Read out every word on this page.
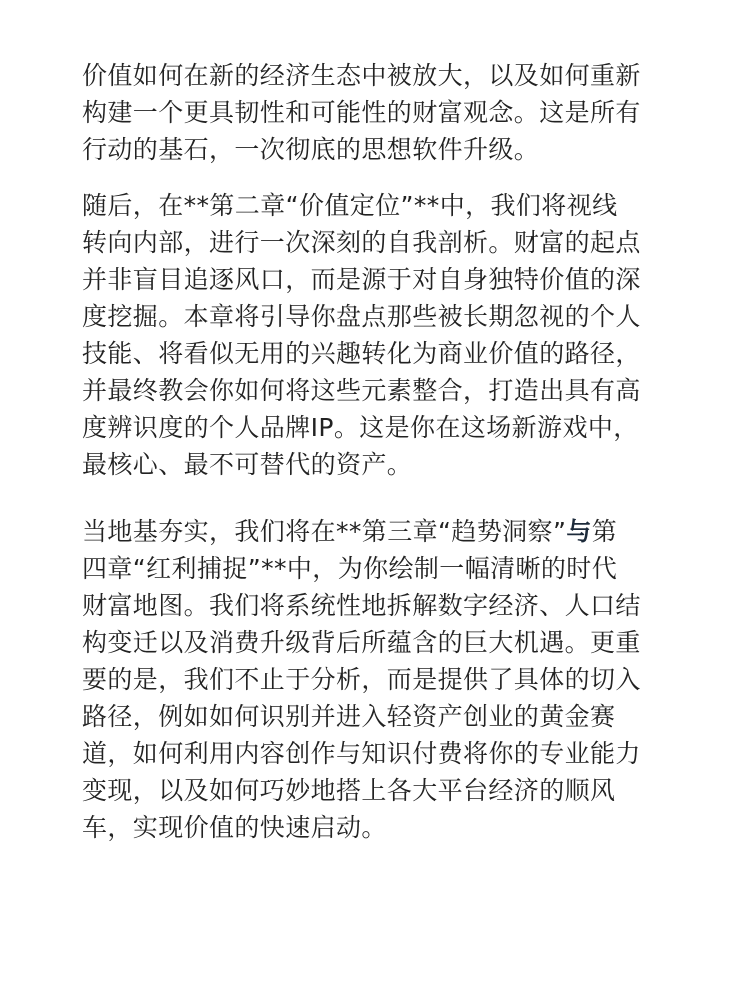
价值如何在新的经济生态中被放大，以及如何重新
构建一个更具韧性和可能性的财富观念。这是所有
行动的基石，一次彻底的思想软件升级。

随后，在**第二章“价值定位”**中，我们将视线
转向内部，进行一次深刻的自我剖析。财富的起点
并非盲目追逐风口，而是源于对自身独特价值的深
度挖掘。本章将引导你盘点那些被长期忽视的个人
技能、将看似无用的兴趣转化为商业价值的路径，
并最终教会你如何将这些元素整合，打造出具有高
度辨识度的个人品牌IP。这是你在这场新游戏中，
最核心、最不可替代的资产。

当地基夯实，我们将在**第三章“趋势洞察”与第
四章“红利捕捉”**中，为你绘制一幅清晰的时代
财富地图。我们将系统性地拆解数字经济、人口结
构变迁以及消费升级背后所蕴含的巨大机遇。更重
要的是，我们不止于分析，而是提供了具体的切入
路径，例如如何识别并进入轻资产创业的黄金赛
道，如何利用内容创作与知识付费将你的专业能力
变现，以及如何巧妙地搭上各大平台经济的顺风
车，实现价值的快速启动。
